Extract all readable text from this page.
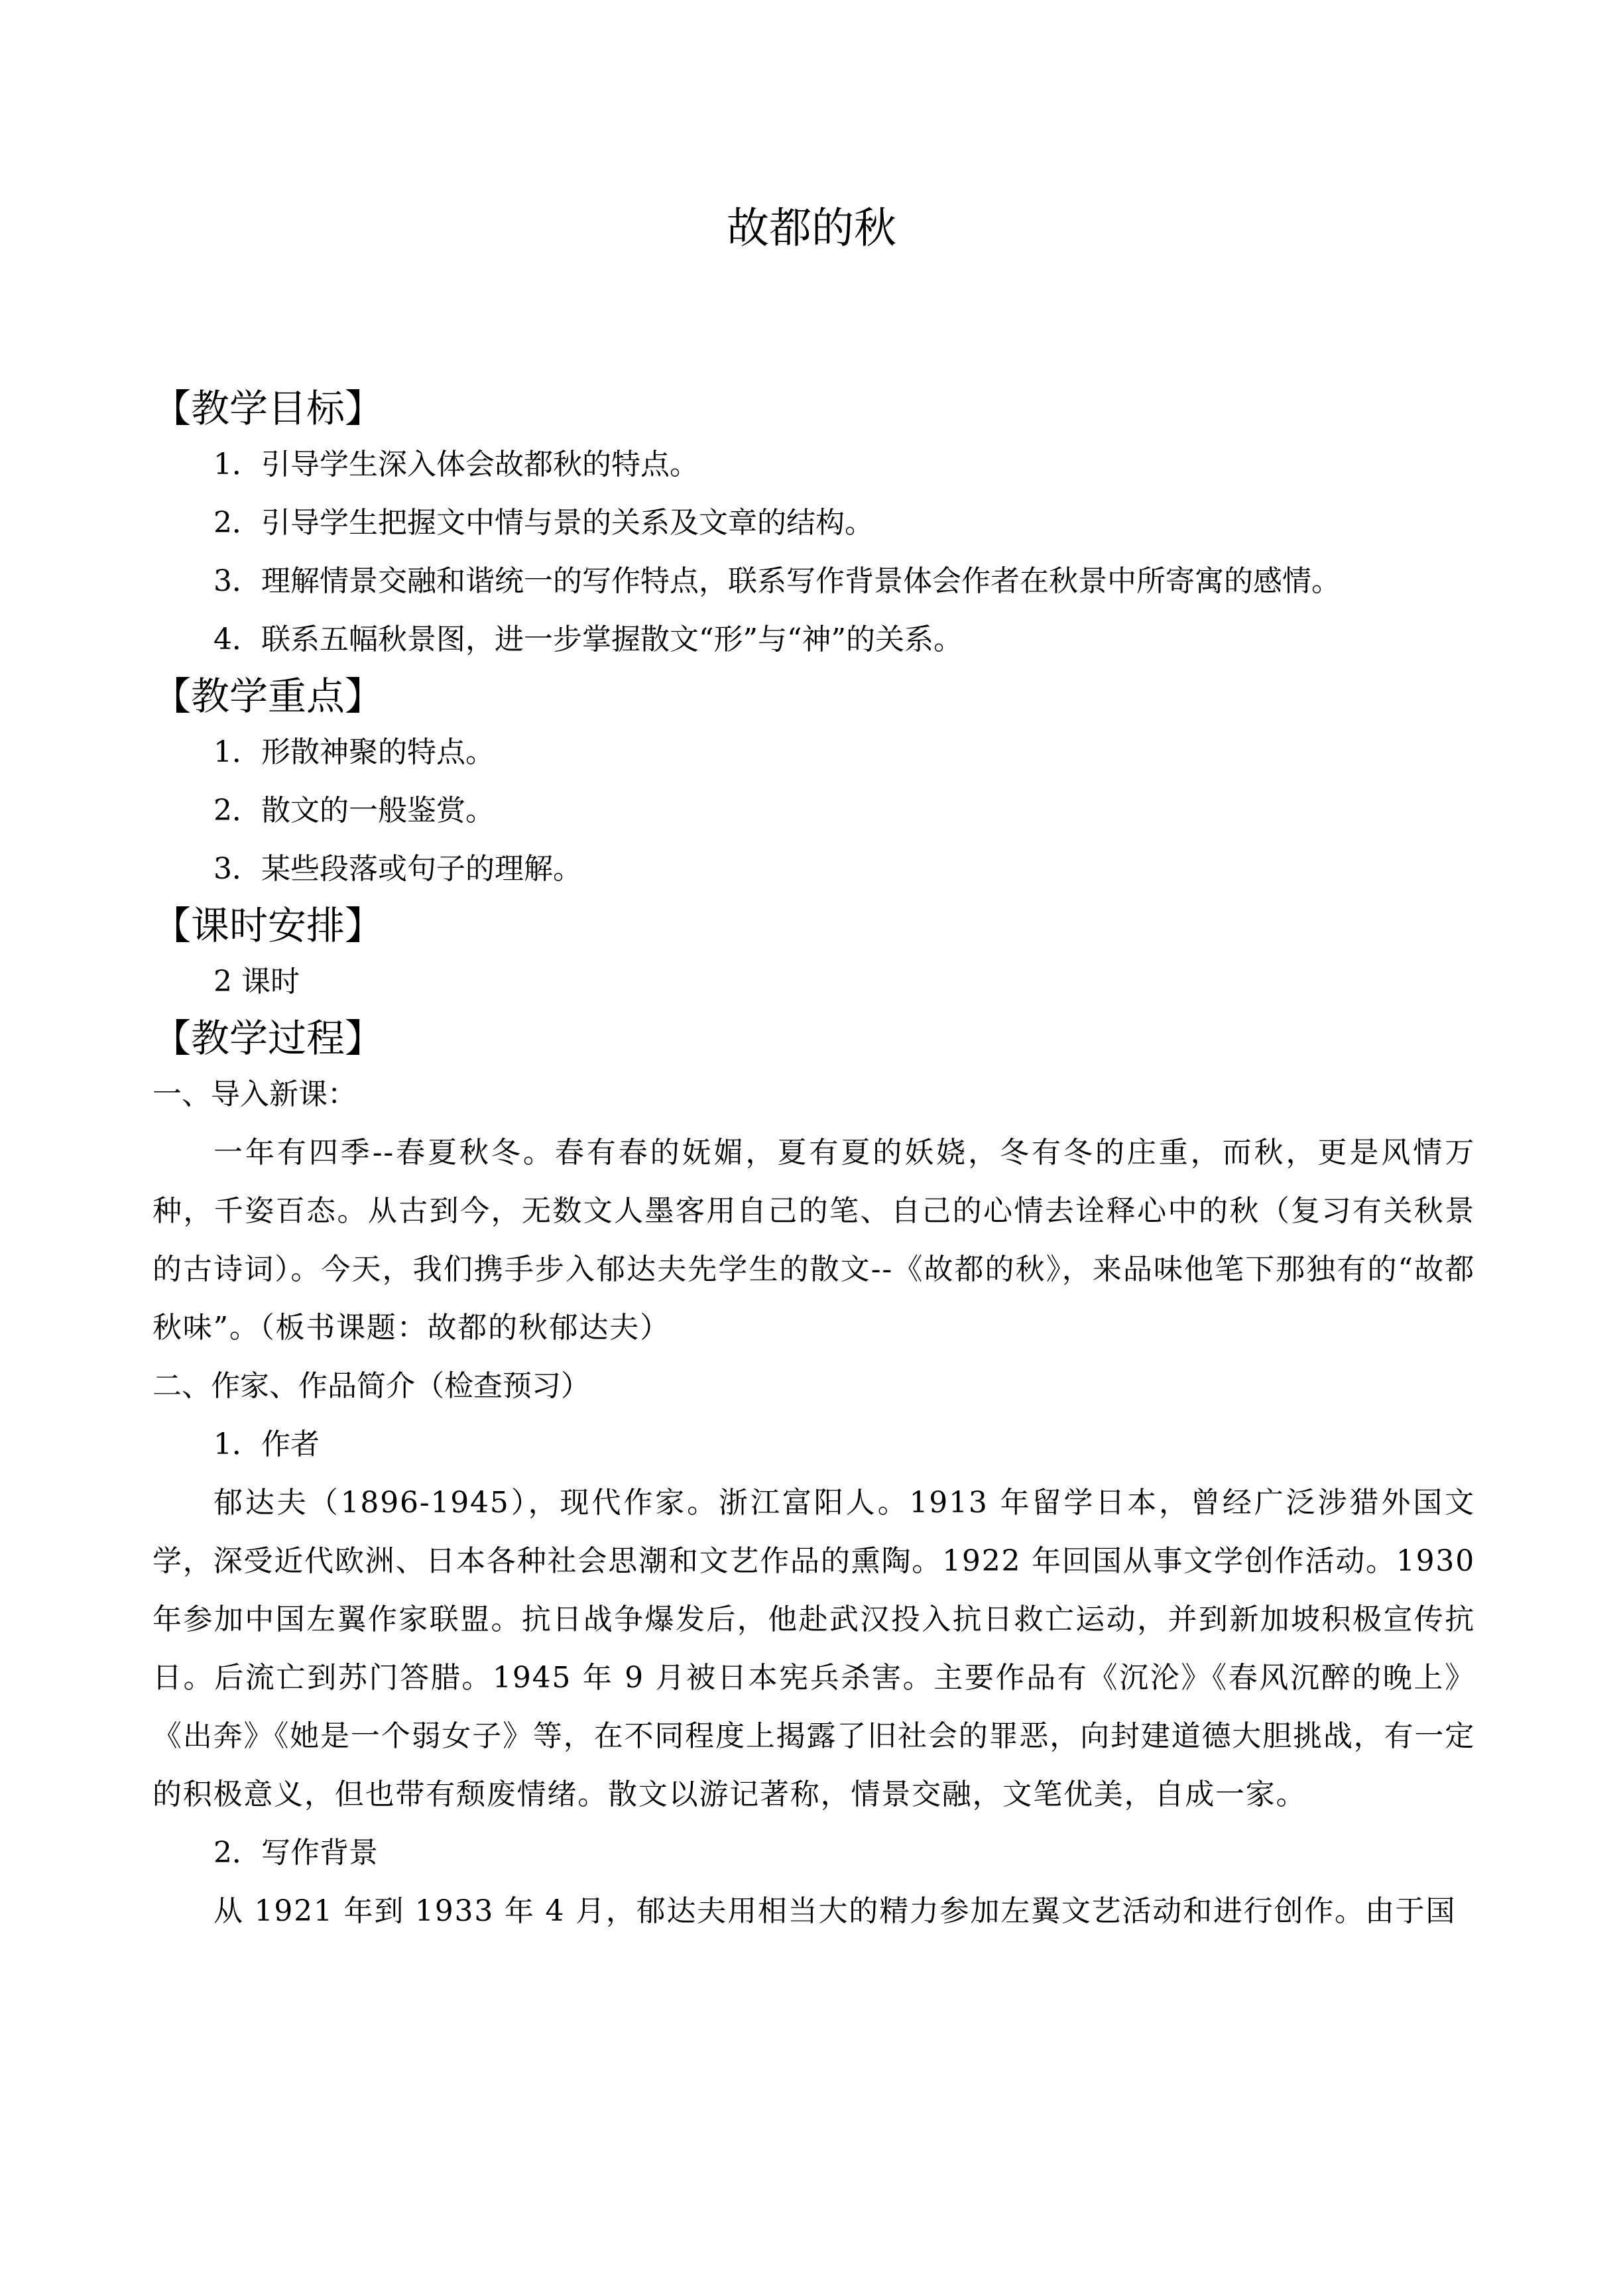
故都的秋
【教学目标】
1．引导学生深入体会故都秋的特点。
2．引导学生把握文中情与景的关系及文章的结构。
3．理解情景交融和谐统一的写作特点，联系写作背景体会作者在秋景中所寄寓的感情。
4．联系五幅秋景图，进一步掌握散文“形”与“神”的关系。
【教学重点】
1．形散神聚的特点。
2．散文的一般鉴赏。
3．某些段落或句子的理解。
【课时安排】
2 课时
【教学过程】
一、导入新课：

一年有四季--春夏秋冬。春有春的妩媚，夏有夏的妖娆，冬有冬的庄重，而秋，更是风情万种，千姿百态。从古到今，无数文人墨客用自己的笔、自己的心情去诠释心中的秋（复习有关秋景的古诗词）。今天，我们携手步入郁达夫先学生的散文--《故都的秋》，来品味他笔下那独有的“故都秋味”。（板书课题：故都的秋郁达夫）

二、作家、作品简介（检查预习）
1．作者

郁达夫（1896-1945），现代作家。浙江富阳人。1913 年留学日本，曾经广泛涉猎外国文学，深受近代欧洲、日本各种社会思潮和文艺作品的熏陶。1922 年回国从事文学创作活动。1930 年参加中国左翼作家联盟。抗日战争爆发后，他赴武汉投入抗日救亡运动，并到新加坡积极宣传抗日。后流亡到苏门答腊。1945 年 9 月被日本宪兵杀害。主要作品有《沉沦》《春风沉醉的晚上》《出奔》《她是一个弱女子》等，在不同程度上揭露了旧社会的罪恶，向封建道德大胆挑战，有一定的积极意义，但也带有颓废情绪。散文以游记著称，情景交融，文笔优美，自成一家。

2．写作背景

从 1921 年到 1933 年 4 月，郁达夫用相当大的精力参加左翼文艺活动和进行创作。由于国
